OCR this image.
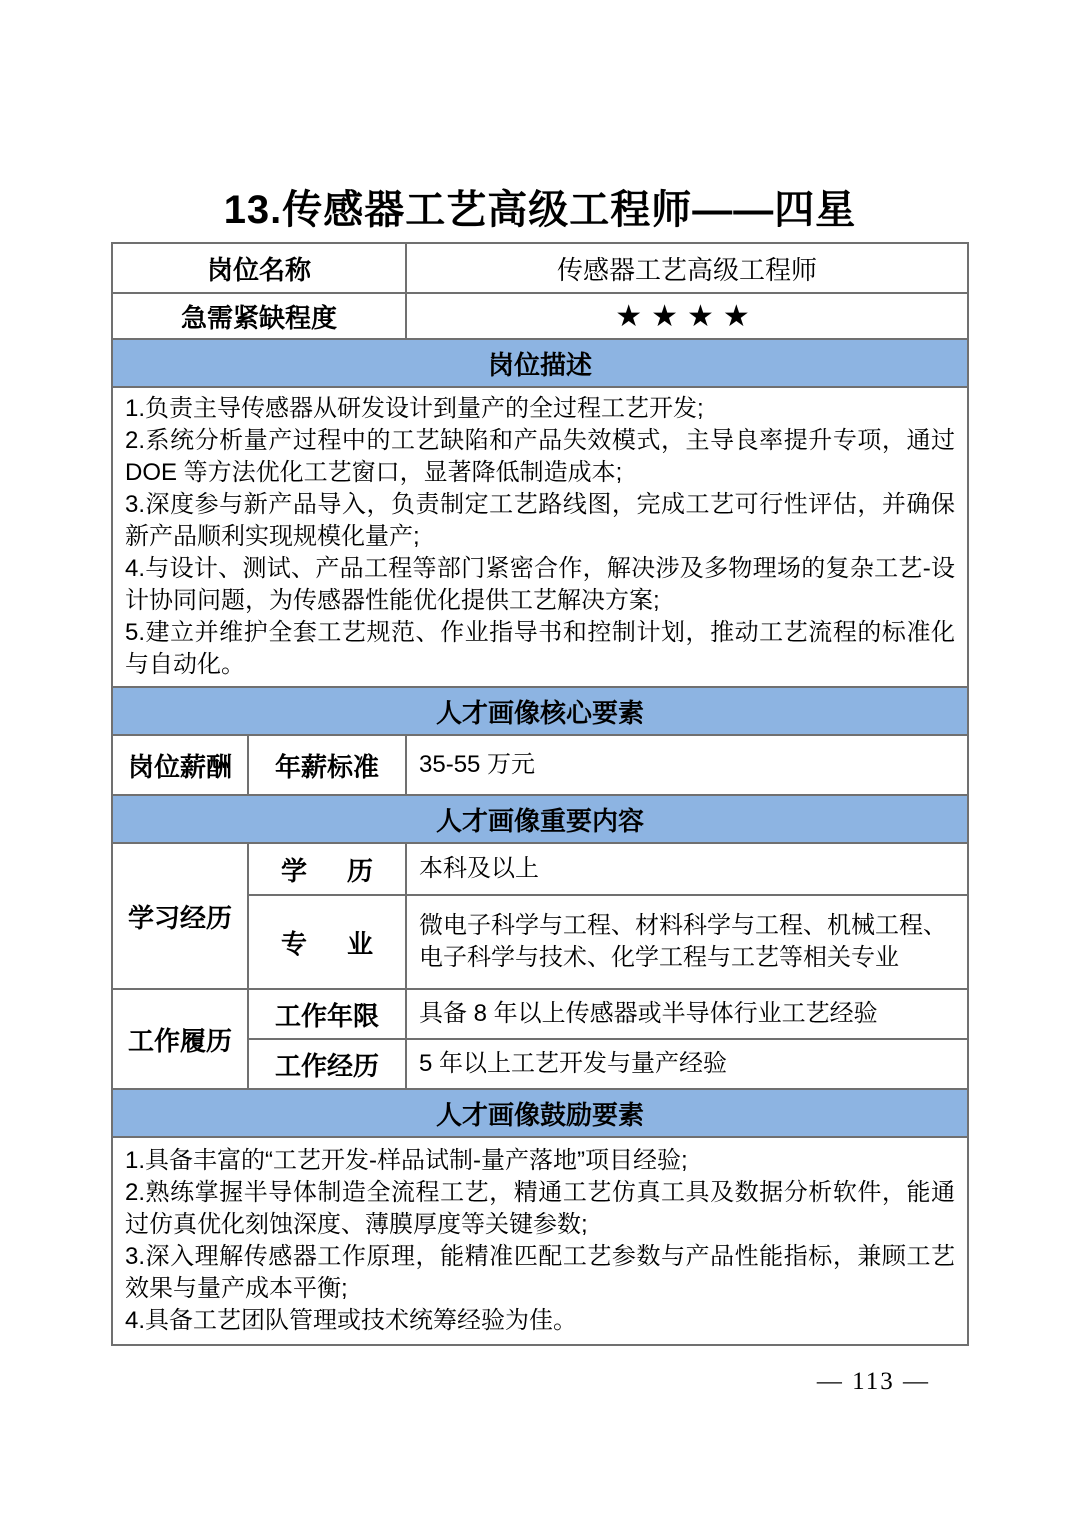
13.传感器工艺高级工程师——四星
岗位名称		传感器工艺高级工程师
急需紧缺程度		★★★★
岗位描述		

1.负责主导传感器从研发设计到量产的全过程工艺开发;

2.系统分析量产过程中的工艺缺陷和产品失效模式，主导良率提升专项，通过 DOE 等方法优化工艺窗口，显著降低制造成本;

3.深度参与新产品导入，负责制定工艺路线图，完成工艺可行性评估，并确保新产品顺利实现规模化量产;

4.与设计、测试、产品工程等部门紧密合作，解决涉及多物理场的复杂工艺-设计协同问题，为传感器性能优化提供工艺解决方案;

5.建立并维护全套工艺规范、作业指导书和控制计划，推动工艺流程的标准化与自动化。		

人才画像核心要素		
岗位薪酬	年薪标准	35-55 万元
人才画像重要内容		
学习经历	学历	本科及以上
	专业	微电子科学与工程、材料科学与工程、机械工程、电子科学与技术、化学工程与工艺等相关专业
工作履历	工作年限	具备 8 年以上传感器或半导体行业工艺经验
	工作经历	5 年以上工艺开发与量产经验
人才画像鼓励要素		

1.具备丰富的“工艺开发-样品试制-量产落地”项目经验;

2.熟练掌握半导体制造全流程工艺，精通工艺仿真工具及数据分析软件，能通过仿真优化刻蚀深度、薄膜厚度等关键参数;

3.深入理解传感器工作原理，能精准匹配工艺参数与产品性能指标，兼顾工艺效果与量产成本平衡;

4.具备工艺团队管理或技术统筹经验为佳。		

— 113 —
